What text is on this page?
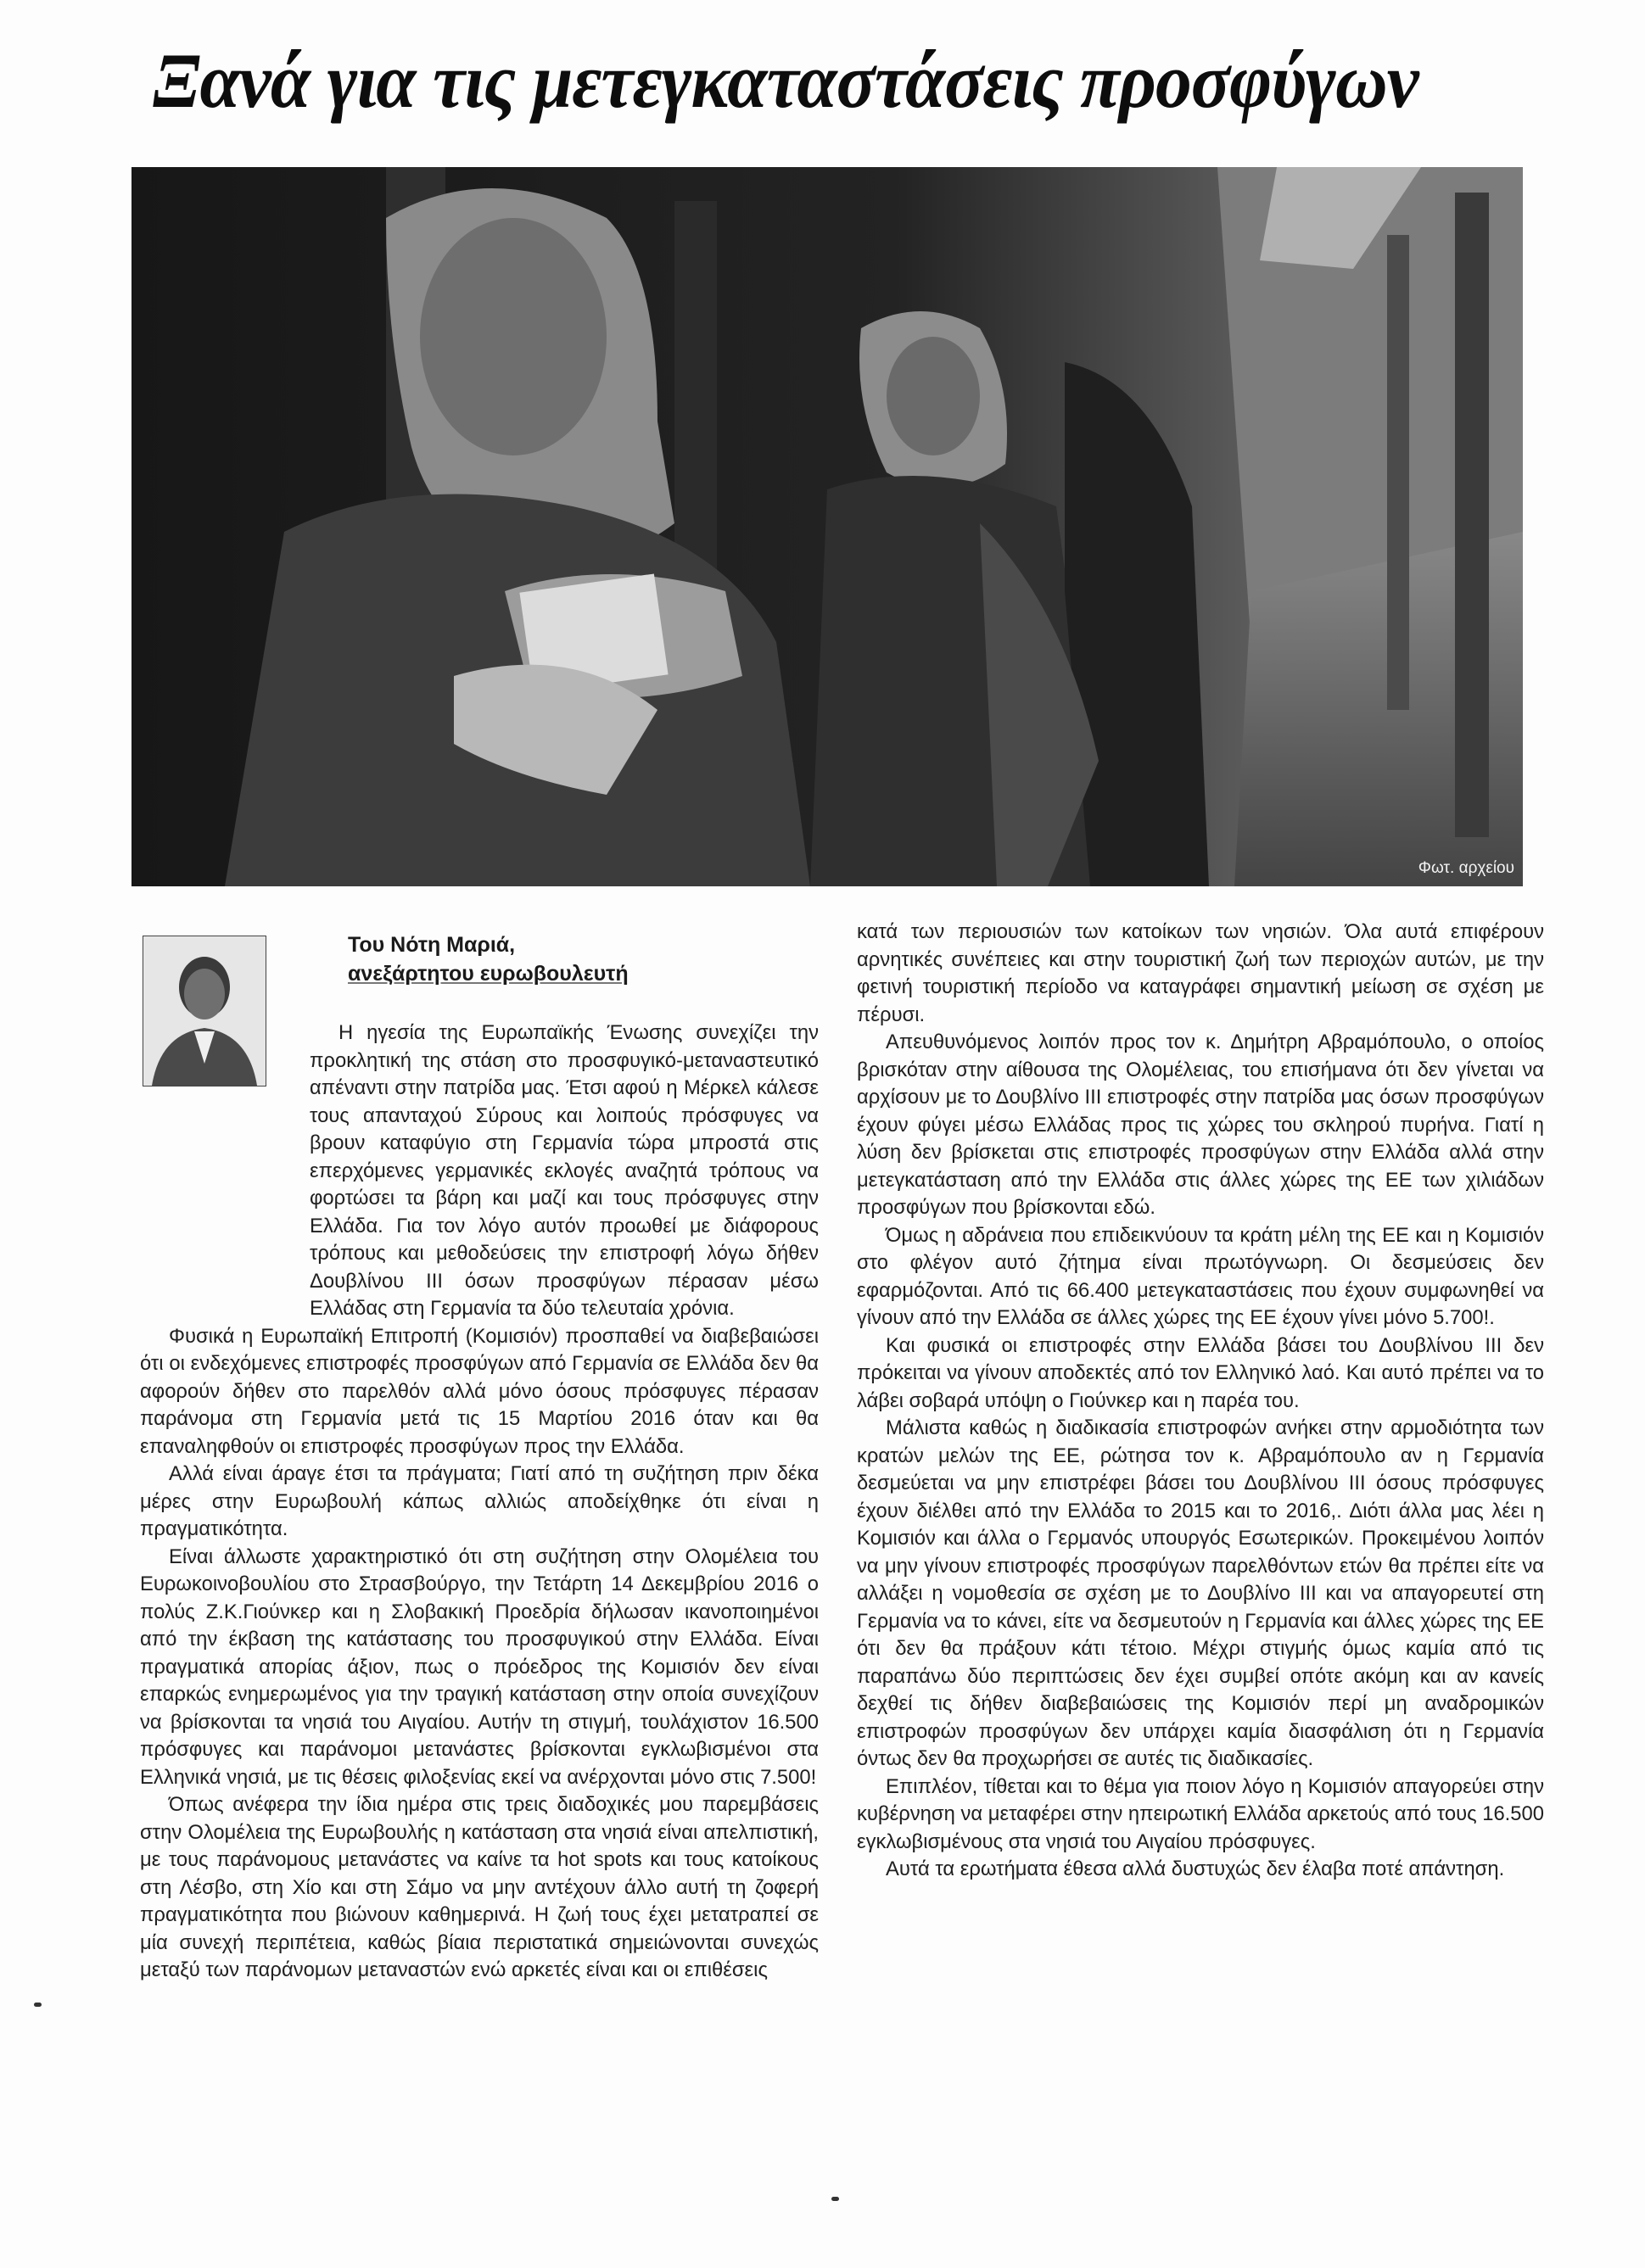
Ξανά για τις μετεγκαταστάσεις προσφύγων
Φωτ. αρχείου
Του Νότη Μαριά,
ανεξάρτητου ευρωβουλευτή

Η ηγεσία της Ευρωπαϊκής Ένωσης συνεχίζει την προκλητική της στάση στο προσφυγικό-μεταναστευτικό απέναντι στην πατρίδα μας. Έτσι αφού η Μέρκελ κάλεσε τους απανταχού Σύρους και λοιπούς πρόσφυγες να βρουν καταφύγιο στη Γερμανία τώρα μπροστά στις επερχόμενες γερμανικές εκλογές αναζητά τρόπους να φορτώσει τα βάρη και μαζί και τους πρόσφυγες στην Ελλάδα. Για τον λόγο αυτόν προωθεί με διάφορους τρόπους και μεθοδεύσεις την επιστροφή λόγω δήθεν Δουβλίνου ΙΙΙ όσων προσφύγων πέρασαν μέσω Ελλάδας στη Γερμανία τα δύο τελευταία χρόνια.

Φυσικά η Ευρωπαϊκή Επιτροπή (Κομισιόν) προσπαθεί να διαβεβαιώσει ότι οι ενδεχόμενες επιστροφές προσφύγων από Γερμανία σε Ελλάδα δεν θα αφορούν δήθεν στο παρελθόν αλλά μόνο όσους πρόσφυγες πέρασαν παράνομα στη Γερμανία μετά τις 15 Μαρτίου 2016 όταν και θα επαναληφθούν οι επιστροφές προσφύγων προς την Ελλάδα.

Αλλά είναι άραγε έτσι τα πράγματα; Γιατί από τη συζήτηση πριν δέκα μέρες στην Ευρωβουλή κάπως αλλιώς αποδείχθηκε ότι είναι η πραγματικότητα.

Είναι άλλωστε χαρακτηριστικό ότι στη συζήτηση στην Ολομέλεια του Ευρωκοινοβουλίου στο Στρασβούργο, την Τετάρτη 14 Δεκεμβρίου 2016 ο πολύς Ζ.Κ.Γιούνκερ και η Σλοβακική Προεδρία δήλωσαν ικανοποιημένοι από την έκβαση της κατάστασης του προσφυγικού στην Ελλάδα. Είναι πραγματικά απορίας άξιον, πως ο πρόεδρος της Κομισιόν δεν είναι επαρκώς ενημερωμένος για την τραγική κατάσταση στην οποία συνεχίζουν να βρίσκονται τα νησιά του Αιγαίου. Αυτήν τη στιγμή, τουλάχιστον 16.500 πρόσφυγες και παράνομοι μετανάστες βρίσκονται εγκλωβισμένοι στα Ελληνικά νησιά, με τις θέσεις φιλοξενίας εκεί να ανέρχονται μόνο στις 7.500!

Όπως ανέφερα την ίδια ημέρα στις τρεις διαδοχικές μου παρεμβάσεις στην Ολομέλεια της Ευρωβουλής η κατάσταση στα νησιά είναι απελπιστική, με τους παράνομους μετανάστες να καίνε τα hot spots και τους κατοίκους στη Λέσβο, στη Χίο και στη Σάμο να μην αντέχουν άλλο αυτή τη ζοφερή πραγματικότητα που βιώνουν καθημερινά. Η ζωή τους έχει μετατραπεί σε μία συνεχή περιπέτεια, καθώς βίαια περιστατικά σημειώνονται συνεχώς μεταξύ των παράνομων μεταναστών ενώ αρκετές είναι και οι επιθέσεις

κατά των περιουσιών των κατοίκων των νησιών. Όλα αυτά επιφέρουν αρνητικές συνέπειες και στην τουριστική ζωή των περιοχών αυτών, με την φετινή τουριστική περίοδο να καταγράφει σημαντική μείωση σε σχέση με πέρυσι.

Απευθυνόμενος λοιπόν προς τον κ. Δημήτρη Αβραμόπουλο, ο οποίος βρισκόταν στην αίθουσα της Ολομέλειας, του επισήμανα ότι δεν γίνεται να αρχίσουν με το Δουβλίνο ΙΙΙ επιστροφές στην πατρίδα μας όσων προσφύγων έχουν φύγει μέσω Ελλάδας προς τις χώρες του σκληρού πυρήνα. Γιατί η λύση δεν βρίσκεται στις επιστροφές προσφύγων στην Ελλάδα αλλά στην μετεγκατάσταση από την Ελλάδα στις άλλες χώρες της ΕΕ των χιλιάδων προσφύγων που βρίσκονται εδώ.

Όμως η αδράνεια που επιδεικνύουν τα κράτη μέλη της ΕΕ και η Κομισιόν στο φλέγον αυτό ζήτημα είναι πρωτόγνωρη. Οι δεσμεύσεις δεν εφαρμόζονται. Από τις 66.400 μετεγκαταστάσεις που έχουν συμφωνηθεί να γίνουν από την Ελλάδα σε άλλες χώρες της ΕΕ έχουν γίνει μόνο 5.700!.

Και φυσικά οι επιστροφές στην Ελλάδα βάσει του Δουβλίνου ΙΙΙ δεν πρόκειται να γίνουν αποδεκτές από τον Ελληνικό λαό. Και αυτό πρέπει να το λάβει σοβαρά υπόψη ο Γιούνκερ και η παρέα του.

Μάλιστα καθώς η διαδικασία επιστροφών ανήκει στην αρμοδιότητα των κρατών μελών της ΕΕ, ρώτησα τον κ. Αβραμόπουλο αν η Γερμανία δεσμεύεται να μην επιστρέφει βάσει του Δουβλίνου ΙΙΙ όσους πρόσφυγες έχουν διέλθει από την Ελλάδα το 2015 και το 2016,. Διότι άλλα μας λέει η Κομισιόν και άλλα ο Γερμανός υπουργός Εσωτερικών. Προκειμένου λοιπόν να μην γίνουν επιστροφές προσφύγων παρελθόντων ετών θα πρέπει είτε να αλλάξει η νομοθεσία σε σχέση με το Δουβλίνο ΙΙΙ και να απαγορευτεί στη Γερμανία να το κάνει, είτε να δεσμευτούν η Γερμανία και άλλες χώρες της ΕΕ ότι δεν θα πράξουν κάτι τέτοιο. Μέχρι στιγμής όμως καμία από τις παραπάνω δύο περιπτώσεις δεν έχει συμβεί οπότε ακόμη και αν κανείς δεχθεί τις δήθεν διαβεβαιώσεις της Κομισιόν περί μη αναδρομικών επιστροφών προσφύγων δεν υπάρχει καμία διασφάλιση ότι η Γερμανία όντως δεν θα προχωρήσει σε αυτές τις διαδικασίες.

Επιπλέον, τίθεται και το θέμα για ποιον λόγο η Κομισιόν απαγορεύει στην κυβέρνηση να μεταφέρει στην ηπειρωτική Ελλάδα αρκετούς από τους 16.500 εγκλωβισμένους στα νησιά του Αιγαίου πρόσφυγες.

Αυτά τα ερωτήματα έθεσα αλλά δυστυχώς δεν έλαβα ποτέ απάντηση.
